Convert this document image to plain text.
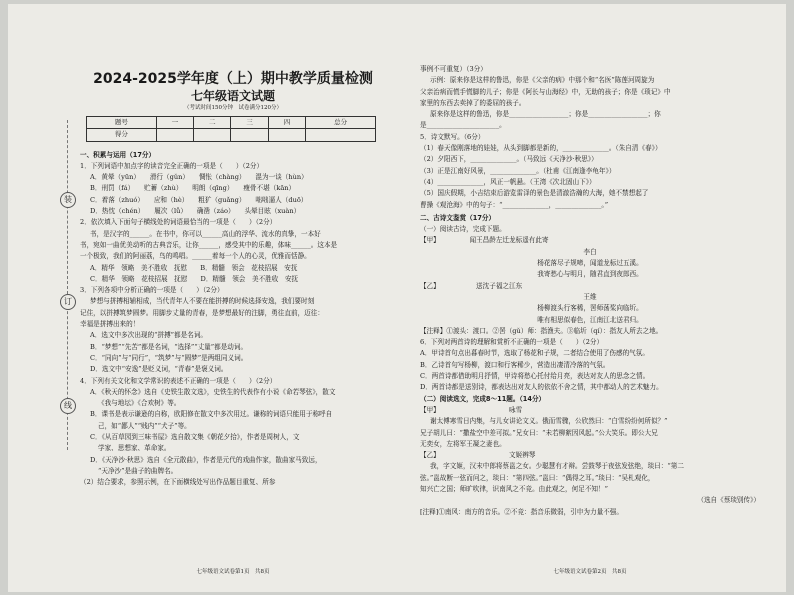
装
订
线
2024-2025学年度（上）期中教学质量检测
七年级语文试题
（考试时间150分钟　试卷满分120分）
题号	一	二	三	四	总分
得分					
一、积累与运用（17分）
1．下列词语中加点字的读音完全正确的一项是（　　）（2分）
A．黄晕（yūn）　　滑行（gǔn）　　惆怅（chàng）　　混为一谈（hùn）
B．刑罚（fá）　　贮蓄（zhù）　　明朗（qīng）　　瘦骨不堪（kān）
C．着落（zhuó）　　应和（hè）　　粗犷（guǎng）　　咄咄逼人（duō）
D．热忱（chén）　　履次（lǚ）　　确凿（záo）　　头晕目眩（xuàn）
2．依次填入下面句子横线处的词语最恰当的一项是（　　）（2分）
书，是汉字的______。在书中，你可以______高山的浮华、流水的真挚，一本好
书，宛如一曲优美动听的古典音乐，让你______，感受其中的乐趣，体味______。这本是
一个极致，我们的阿丽荔，鸟的鸣唱。______着每一个人的心灵，优雅而恬静。
A．精华　领略　美不胜收　抚慰　　B．精髓　领会　花枝招展　安抚
C．精华　领略　花枝招展　抚慰　　D．精髓　领会　美不胜收　安抚
3．下列各项中分析正确的一项是（　　）（2分）
梦想与拼搏相辅相成，当代青年人不要在能拼搏的时候选择安逸，我们要时刻
记住，以拼搏筑梦圆梦。用脚步丈量的青春，是梦想最好的注脚，勇往直前，迈往：
幸福是拼搏出来的！
A．选文中多次出现的“拼搏”都是名词。
B．“梦想”“先苦”都是名词，“选择”“丈量”都是动词。
C．“同向”与“同行”，“筑梦”与“圆梦”是两组同义词。
D．选文中“安逸”是贬义词，“青春”是褒义词。
4．下列有关文化和文学常识的表述不正确的一项是（　　）（2分）
A．《秋天的怀念》选自《史铁生散文选》，史铁生的代表作有小说《命若琴弦》，散文
《我与地坛》《合欢树》等。
B．课书是表示谦逊的自称，欧阳修在散文中多次用过。谦称的词语只能用于称呼自
己，如“鄙人”“贱内”“犬子”等。
C．《从百草园到三味书屋》选自散文集《朝花夕拾》，作者是周树人，文
学家、思想家、革命家。
D．《天净沙·秋思》选自《全元散曲》，作者是元代的戏曲作家，散曲家马致远，
“天净沙”是曲子的曲牌名。
（2）结合要求，参照示例，在下面横线处写出作品题目重复、所参
七年级语文试卷第1页　共8页
事例不可重复）（3分）
示例：原来你是这样的鲁迅，你是《父亲的病》中那个和“名医”陈莲河周旋为
父亲治病而慌手慌脚的儿子；你是《阿长与山海经》中，无助的孩子；你是《琐记》中
家里的东西去卖掉了的委屈的孩子。
原来你是这样的鲁迅，你是__________________；你是__________________；你
是______________________。
5．诗文默写。（6分）
（1）春天像刚落地的娃娃，从头到脚都是新的，______________。（朱自清《春》）
（2）夕阳西下，______________。（马致远《天净沙·秋思》）
（3）正是江南好风景，______________。（杜甫《江南逢李龟年》）
（4）______________，风正一帆悬。（王湾《次北固山下》）
（5）国庆假期，小吉结束后游览雷泽的景色是清澈浩瀚的大海，她不禁想起了
曹操《观沧海》中的句子：“______________，______________。”
二、古诗文鉴赏（17分）
（一）阅读古诗，完成下题。
【甲】　　　　　闻王昌龄左迁龙标遥有此寄
李白
杨花落尽子规啼，闻道龙标过五溪。
我寄愁心与明月，随君直到夜郎西。
【乙】　　　　　　送沈子福之江东
王维
杨柳渡头行客稀，罟师荡桨向临圻。
唯有相思似春色，江南江北送君归。
【注释】①渡头：渡口。②罟（gǔ）师：指渔夫。③临圻（qí）：指友人所去之地。
6．下列对两首诗的理解和赏析不正确的一项是（　　）（2分）
A．甲诗首句点出暮春时节，选取了杨花和子规，二者结合使用了伤感的气氛。
B．乙诗首句写杨柳，渡口和行客稀少，营造出凄清冷落的气氛。
C．两首诗都借助明月抒情，甲诗将愁心托付给月亮，表达对友人的思念之情。
D．两首诗都是送别诗，都表达出对友人的依依不舍之情，其中都动人的艺术魅力。
（二）阅读选文，完成8～11题。（14分）
【甲】　　　　　　　　　　　咏雪
谢太傅寒雪日内集，与儿女讲论文义。俄而雪骤，公欣然曰：“白雪纷纷何所似？”
兄子胡儿曰：“撒盐空中差可拟。”兄女曰：“未若柳絮因风起。”公大笑乐。即公大兄
无奕女，左将军王凝之妻也。
【乙】　　　　　　　　　　　文姬辨琴
我，字文姬，汉末中郎将蔡邕之女。少聪慧有才辩。尝鼓琴于夜弦发弦绝，琰曰：“第二
弦。”邕故断一弦而问之，琰曰：“第四弦。”邕曰：“偶得之耳。”琰曰：“吴札观化，
知兴亡之国；师旷吹律，识南风之不竞。由此观之，何足不知！”
（选自《蔡琰别传》）
[注释]①南风：南方的音乐。②不竞：指音乐微弱，引申为力量不强。
七年级语文试卷第2页　共8页
